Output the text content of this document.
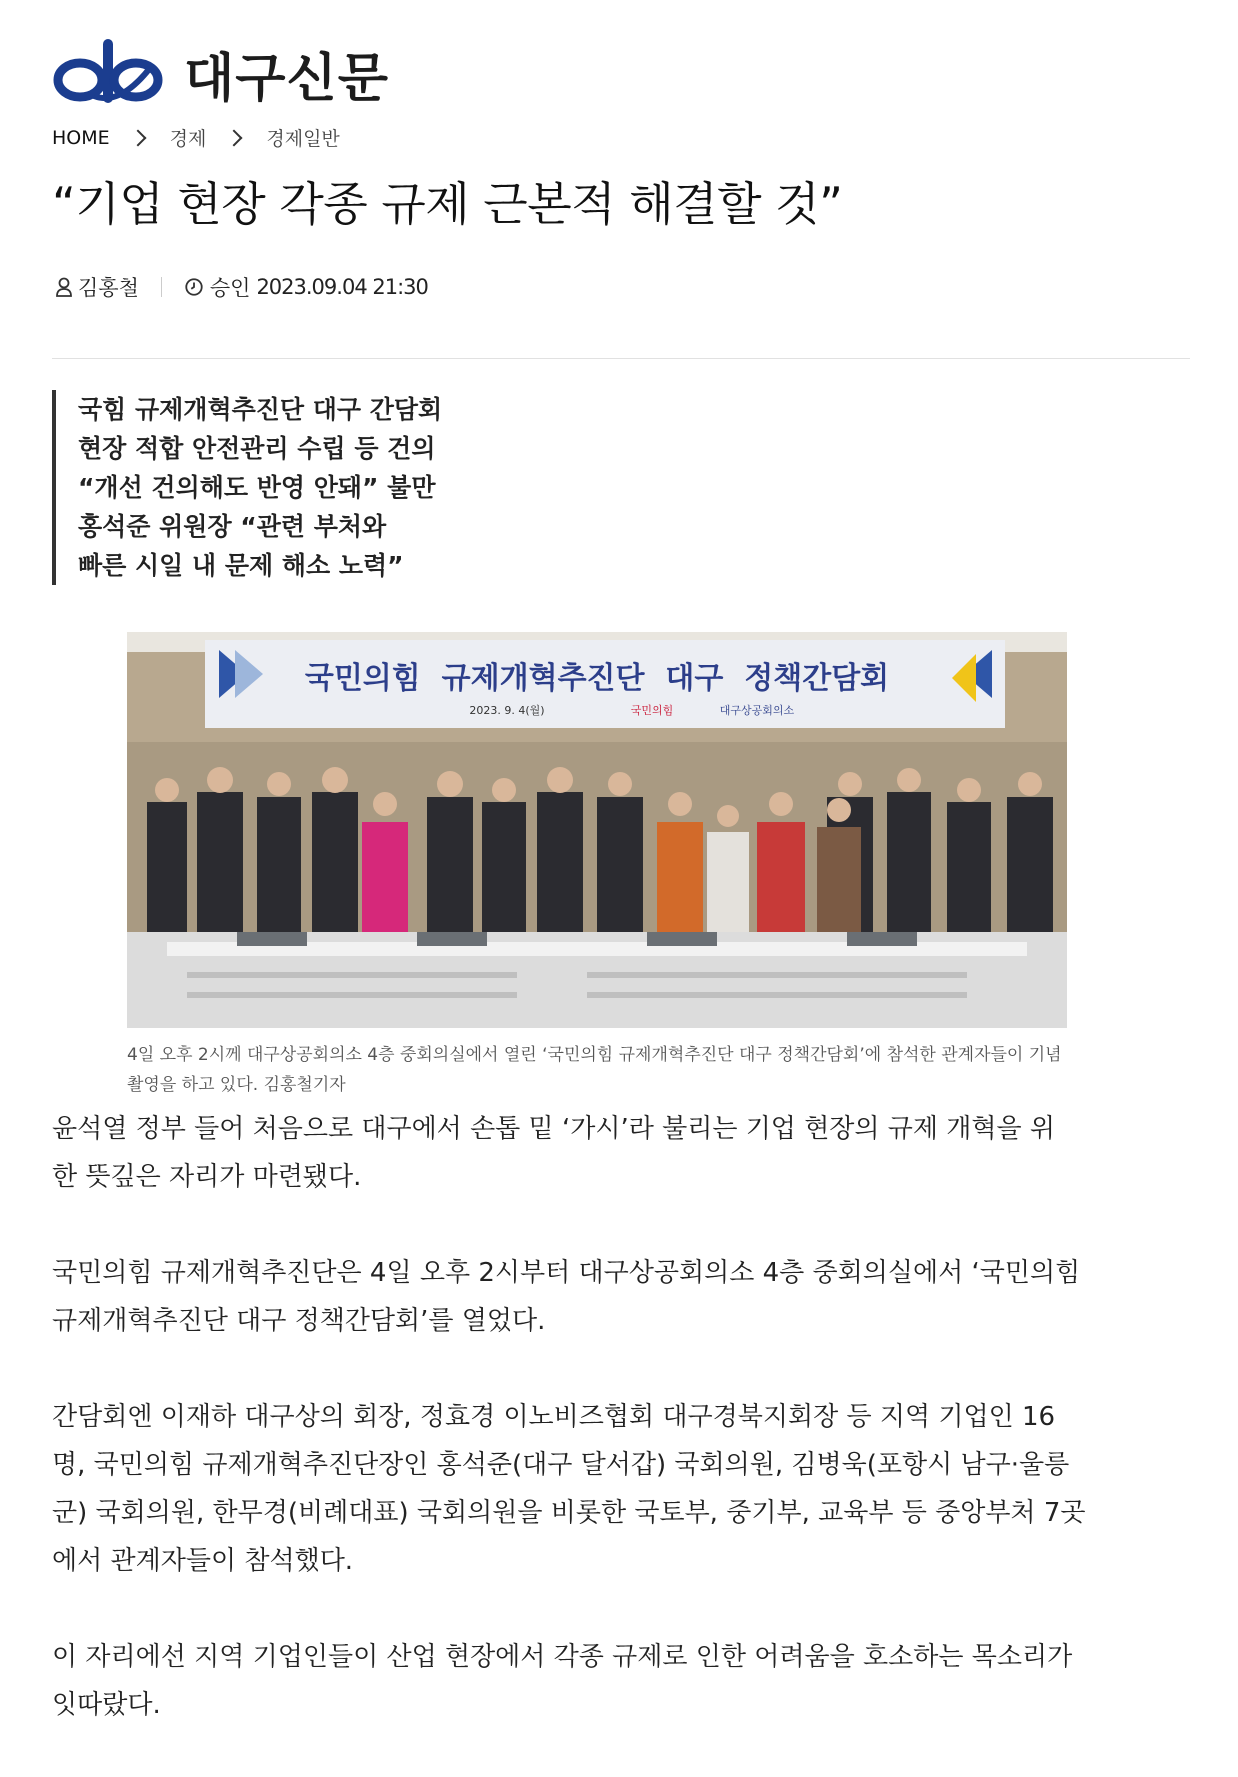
대구신문
HOME	경제	경제일반
“기업 현장 각종 규제 근본적 해결할 것”
김홍철	승인 2023.09.04 21:30
국힘 규제개혁추진단 대구 간담회
현장 적합 안전관리 수립 등 건의
“개선 건의해도 반영 안돼” 불만
홍석준 위원장 “관련 부처와
빠른 시일 내 문제 해소 노력”
국민의힘  규제개혁추진단  대구  정책간담회
2023. 9. 4(월)	국민의힘	대구상공회의소
4일 오후 2시께 대구상공회의소 4층 중회의실에서 열린 ‘국민의힘 규제개혁추진단 대구 정책간담회’에 참석한 관계자들이 기념촬영을 하고 있다. 김홍철기자

윤석열 정부 들어 처음으로 대구에서 손톱 밑 ‘가시’라 불리는 기업 현장의 규제 개혁을 위
한 뜻깊은 자리가 마련됐다.

국민의힘 규제개혁추진단은 4일 오후 2시부터 대구상공회의소 4층 중회의실에서 ‘국민의힘
규제개혁추진단 대구 정책간담회’를 열었다.

간담회엔 이재하 대구상의 회장, 정효경 이노비즈협회 대구경북지회장 등 지역 기업인 16
명, 국민의힘 규제개혁추진단장인 홍석준(대구 달서갑) 국회의원, 김병욱(포항시 남구·울릉
군) 국회의원, 한무경(비례대표) 국회의원을 비롯한 국토부, 중기부, 교육부 등 중앙부처 7곳
에서 관계자들이 참석했다.

이 자리에선 지역 기업인들이 산업 현장에서 각종 규제로 인한 어려움을 호소하는 목소리가
잇따랐다.
